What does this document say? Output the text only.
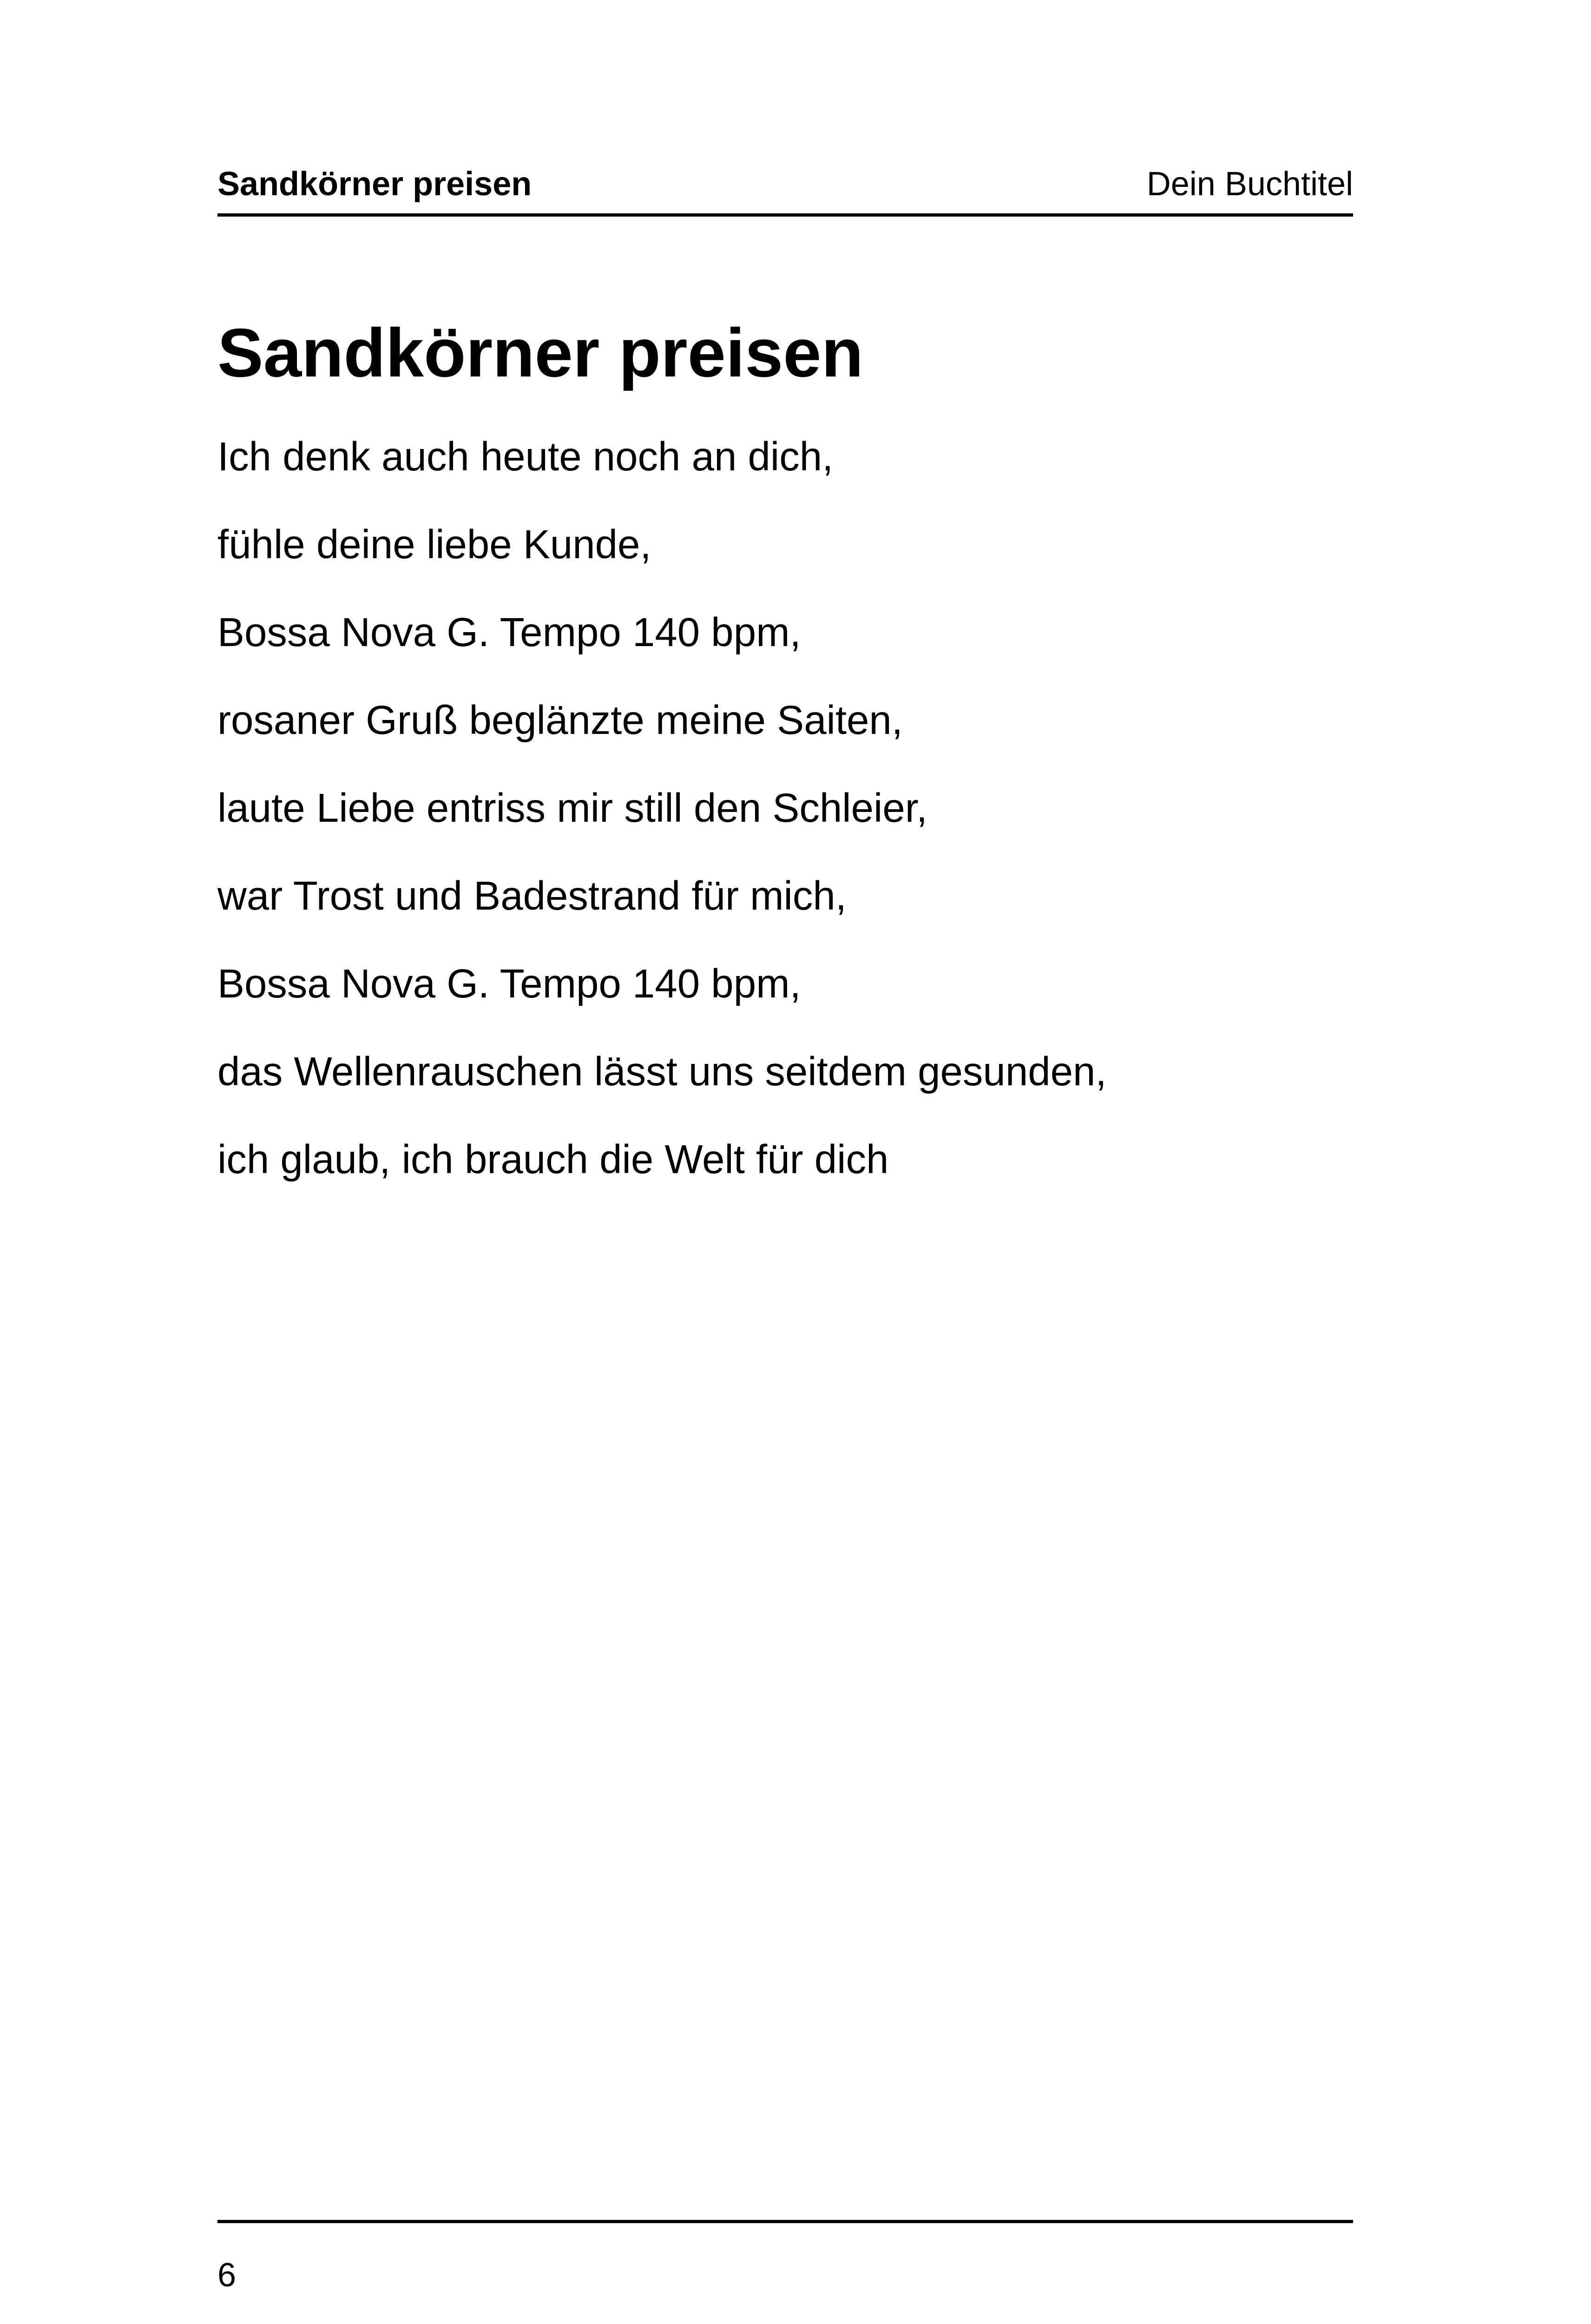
Sandkörner preisen	Dein Buchtitel
Sandkörner preisen
Ich denk auch heute noch an dich,
fühle deine liebe Kunde,
Bossa Nova G. Tempo 140 bpm,
rosaner Gruß beglänzte meine Saiten,
laute Liebe entriss mir still den Schleier,
war Trost und Badestrand für mich,
Bossa Nova G. Tempo 140 bpm,
das Wellenrauschen lässt uns seitdem gesunden,
ich glaub, ich brauch die Welt für dich
6
